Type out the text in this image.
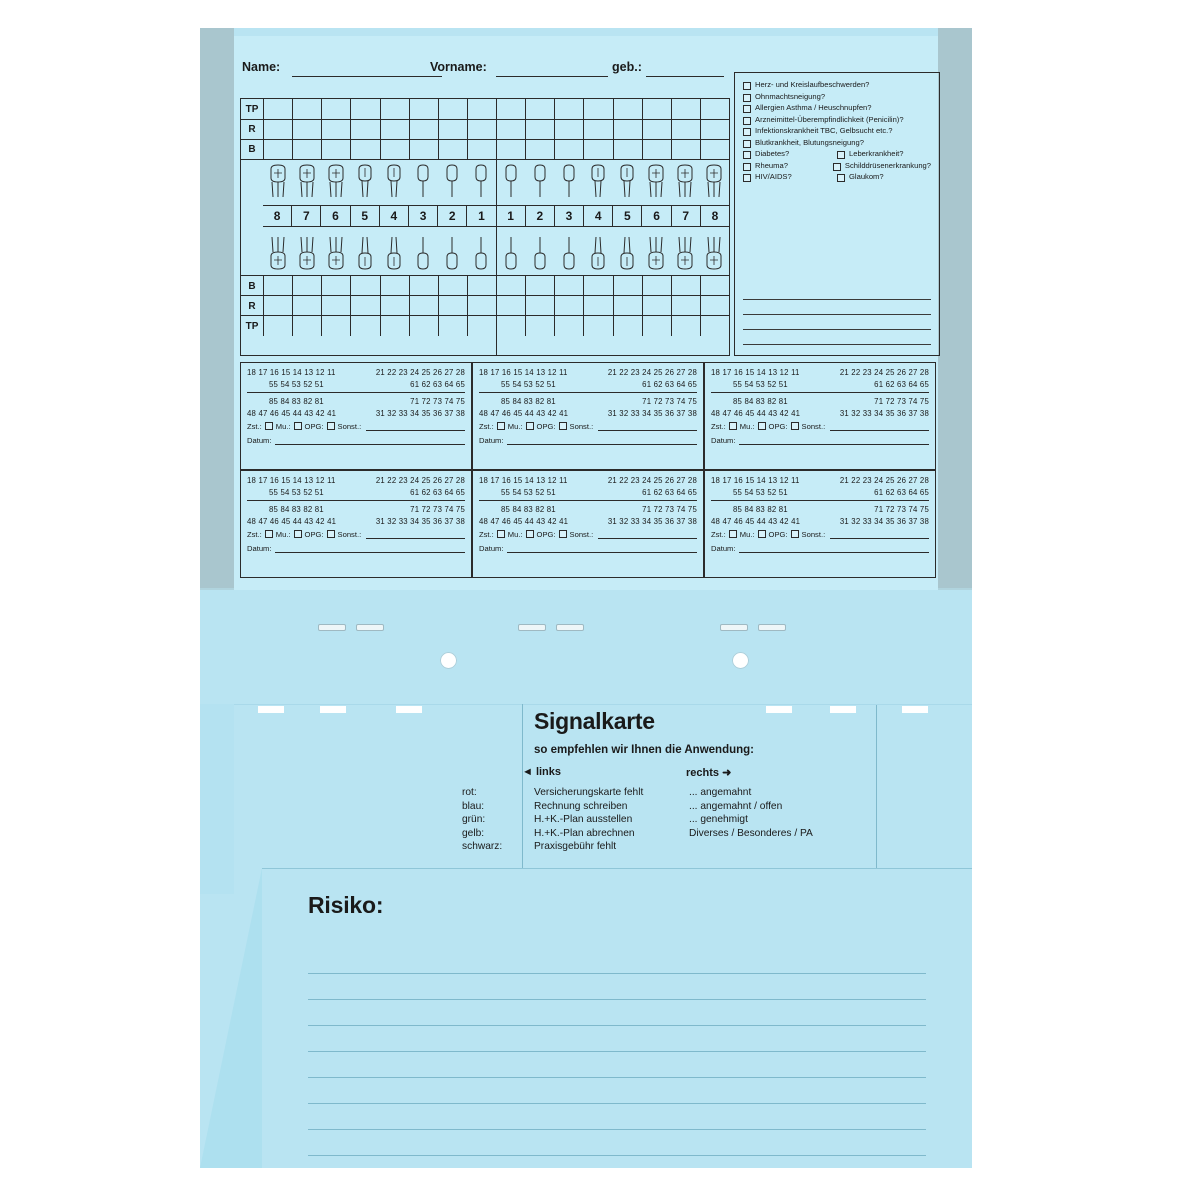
Name:	Vorname:	geb.:
TP
R
B
8	7	6	5	4	3	2	1	1	2	3	4	5	6	7	8
B
R
TP
Herz- und Kreislaufbeschwerden?
Ohnmachtsneigung?
Allergien Asthma / Heuschnupfen?
Arzneimittel-Überempfindlichkeit (Penicilin)?
Infektionskrankheit TBC, Gelbsucht etc.?
Blutkrankheit, Blutungsneigung?
Diabetes?	Leberkrankheit?
Rheuma?	Schilddrüsenerkrankung?
HIV/AIDS?	Glaukom?
18 17 16 15 14 13 12 11	21 22 23 24 25 26 27 28
55 54 53 52 51	61 62 63 64 65
85 84 83 82 81	71 72 73 74 75
48 47 46 45 44 43 42 41	31 32 33 34 35 36 37 38
Zst.: Mu.: OPG: Sonst.:
Datum:
18 17 16 15 14 13 12 11	21 22 23 24 25 26 27 28
55 54 53 52 51	61 62 63 64 65
85 84 83 82 81	71 72 73 74 75
48 47 46 45 44 43 42 41	31 32 33 34 35 36 37 38
Zst.: Mu.: OPG: Sonst.:
Datum:
18 17 16 15 14 13 12 11	21 22 23 24 25 26 27 28
55 54 53 52 51	61 62 63 64 65
85 84 83 82 81	71 72 73 74 75
48 47 46 45 44 43 42 41	31 32 33 34 35 36 37 38
Zst.: Mu.: OPG: Sonst.:
Datum:
18 17 16 15 14 13 12 11	21 22 23 24 25 26 27 28
55 54 53 52 51	61 62 63 64 65
85 84 83 82 81	71 72 73 74 75
48 47 46 45 44 43 42 41	31 32 33 34 35 36 37 38
Zst.: Mu.: OPG: Sonst.:
Datum:
18 17 16 15 14 13 12 11	21 22 23 24 25 26 27 28
55 54 53 52 51	61 62 63 64 65
85 84 83 82 81	71 72 73 74 75
48 47 46 45 44 43 42 41	31 32 33 34 35 36 37 38
Zst.: Mu.: OPG: Sonst.:
Datum:
18 17 16 15 14 13 12 11	21 22 23 24 25 26 27 28
55 54 53 52 51	61 62 63 64 65
85 84 83 82 81	71 72 73 74 75
48 47 46 45 44 43 42 41	31 32 33 34 35 36 37 38
Zst.: Mu.: OPG: Sonst.:
Datum:
Signalkarte
so empfehlen wir Ihnen die Anwendung:
◄ links	rechts ➜
rot:	Versicherungskarte fehlt	... angemahnt
blau:	Rechnung schreiben	... angemahnt / offen
grün:	H.+K.-Plan ausstellen	... genehmigt
gelb:	H.+K.-Plan abrechnen	Diverses / Besonderes / PA
schwarz:	Praxisgebühr fehlt
Risiko:
